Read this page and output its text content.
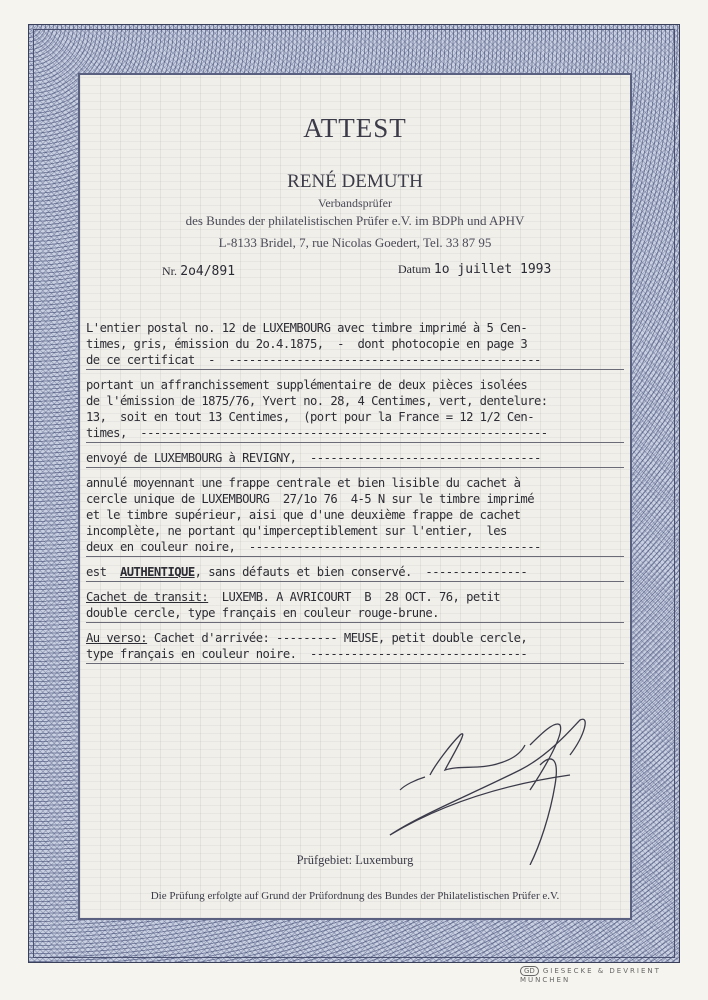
ATTEST
RENÉ DEMUTH
Verbandsprüfer
des Bundes der philatelistischen Prüfer e.V. im BDPh und APHV
L-8133 Bridel, 7, rue Nicolas Goedert, Tel. 33 87 95
Nr. 2o4/891	Datum 1o juillet 1993
L'entier postal no. 12 de LUXEMBOURG avec timbre imprimé à 5 Cen-
times, gris, émission du 2o.4.1875,  -  dont photocopie en page 3
de ce certificat  -  ----------------------------------------------
portant un affranchissement supplémentaire de deux pièces isolées
de l'émission de 1875/76, Yvert no. 28, 4 Centimes, vert, dentelure:
13,  soit en tout 13 Centimes,  (port pour la France = 12 1/2 Cen-
times,  ------------------------------------------------------------
envoyé de LUXEMBOURG à REVIGNY,  ----------------------------------
annulé moyennant une frappe centrale et bien lisible du cachet à
cercle unique de LUXEMBOURG  27/1o 76  4-5 N sur le timbre imprimé
et le timbre supérieur, aisi que d'une deuxième frappe de cachet
incomplète, ne portant qu'imperceptiblement sur l'entier,  les
deux en couleur noire,  -------------------------------------------
est  AUTHENTIQUE, sans défauts et bien conservé.  ---------------
Cachet de transit:  LUXEMB. A AVRICOURT  B  28 OCT. 76, petit
double cercle, type français en couleur rouge-brune.
Au verso: Cachet d'arrivée: --------- MEUSE, petit double cercle,
type français en couleur noire.  --------------------------------
Prüfgebiet: Luxemburg
Die Prüfung erfolgte auf Grund der Prüfordnung des Bundes der Philatelistischen Prüfer e.V.
GD GIESECKE & DEVRIENT MÜNCHEN
